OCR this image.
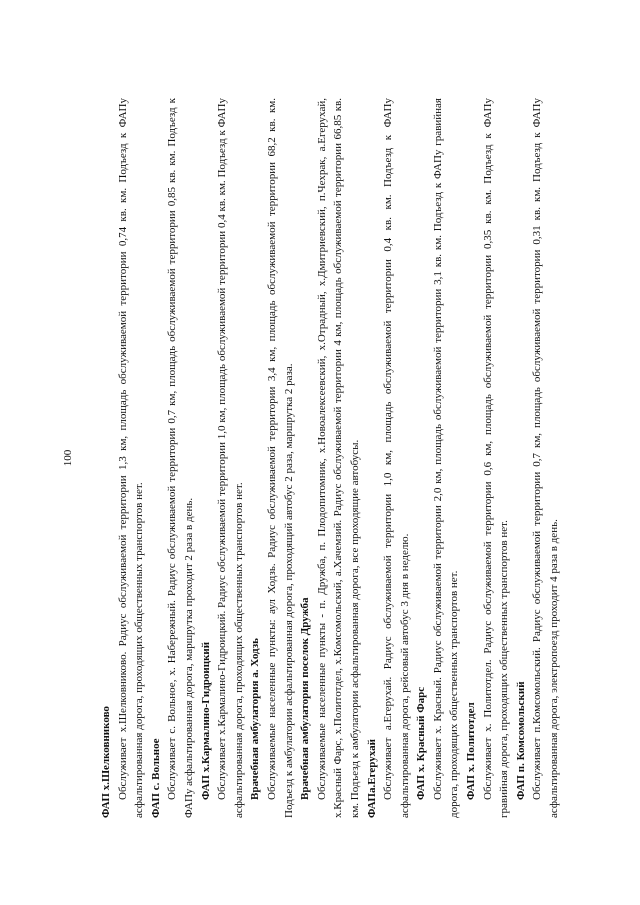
100

ФАП х.Шелковниково Обслуживает х.Шелковниково. Радиус обслуживаемой территории 1,3 км, площадь обслуживаемой территории 0,74 кв. км. Подъезд к ФАПу асфальтированная дорога, проходящих общественных транспортов нет. ФАП с. Вольное Обслуживает с. Вольное, х. Набережный. Радиус обслуживаемой территории 0,7 км, площадь обслуживаемой территории 0,85 кв. км. Подъезд к ФАПу асфальтированная дорога, маршрутка проходит 2 раза в день. ФАП х.Кармалино-Гидроицкий Обслуживает х.Кармалино-Гидроицкий. Радиус обслуживаемой территории 1,0 км, площадь обслуживаемой территории 0,4 кв. км. Подъезд к ФАПу асфальтированная дорога, проходящих общественных транспортов нет. Врачебная амбулатория а. Ходзь Обслуживаемые населенные пункты: аул Ходзь. Радиус обслуживаемой территории 3,4 км, площадь обслуживаемой территории 68,2 кв. км. Подъезд к амбулатории асфальтированная дорога, проходящий автобус 2 раза, маршрутка 2 раза. Врачебная амбулатория поселок Дружба Обслуживаемые населенные пункты - п. Дружба, п. Плодопитомник, х.Новоалексеевский, х.Отрадный, х.Дмитриевский, п.Чехрак, а.Егерухай, х.Красный Фарс, х.Политотдел, х.Комсомольский, а.Хачемзий. Радиус обслуживаемой территории 4 км, площадь обслуживаемой территории 66,85 кв. км. Подъезд к амбулатории асфальтированная дорога, все проходящие автобусы. ФАПа.Егерухай Обслуживает а.Егерухай. Радиус обслуживаемой территории 1,0 км, площадь обслуживаемой территории 0,4 кв. км. Подъезд к ФАПу асфальтированная дорога, рейсовый автобус 3 дня в неделю. ФАП х. Красный Фарс Обслуживает х. Красный. Радиус обслуживаемой территории 2,0 км, площадь обслуживаемой территории 3,1 кв. км. Подъезд к ФАПу гравийная дорога, проходящих общественных транспортов нет. ФАП х. Политотдел Обслуживает х. Политотдел. Радиус обслуживаемой территории 0,6 км, площадь обслуживаемой территории 0,35 кв. км. Подъезд к ФАПу гравийная дорога, проходящих общественных транспортов нет. ФАП п. Комсомольский Обслуживает п.Комсомольский. Радиус обслуживаемой территории 0,7 км, площадь обслуживаемой территории 0,31 кв. км. Подъезд к ФАПу асфальтированная дорога, электропоезд проходит 4 раза в день.
